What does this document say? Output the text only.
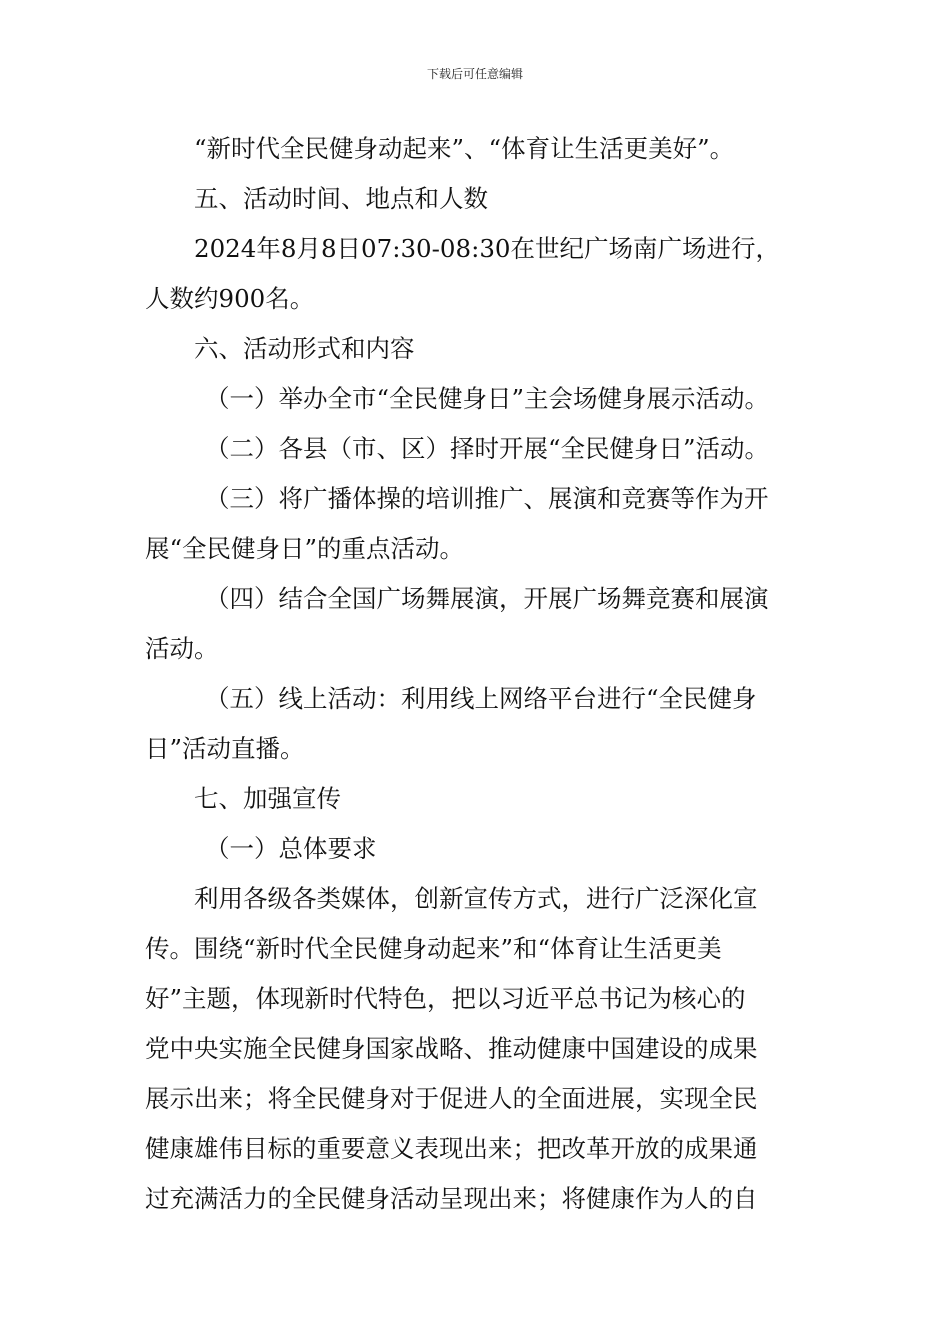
下载后可任意编辑
“新时代全民健身动起来”、“体育让生活更美好”。
五、活动时间、地点和人数
2024年8月8日07:30-08:30在世纪广场南广场进行，
人数约900名。
六、活动形式和内容
（一）举办全市“全民健身日”主会场健身展示活动。
（二）各县（市、区）择时开展“全民健身日”活动。
（三）将广播体操的培训推广、展演和竞赛等作为开
展“全民健身日”的重点活动。
（四）结合全国广场舞展演，开展广场舞竞赛和展演
活动。
（五）线上活动：利用线上网络平台进行“全民健身
日”活动直播。
七、加强宣传
（一）总体要求
利用各级各类媒体，创新宣传方式，进行广泛深化宣
传。围绕“新时代全民健身动起来”和“体育让生活更美
好”主题，体现新时代特色，把以习近平总书记为核心的
党中央实施全民健身国家战略、推动健康中国建设的成果
展示出来；将全民健身对于促进人的全面进展，实现全民
健康雄伟目标的重要意义表现出来；把改革开放的成果通
过充满活力的全民健身活动呈现出来；将健康作为人的自
